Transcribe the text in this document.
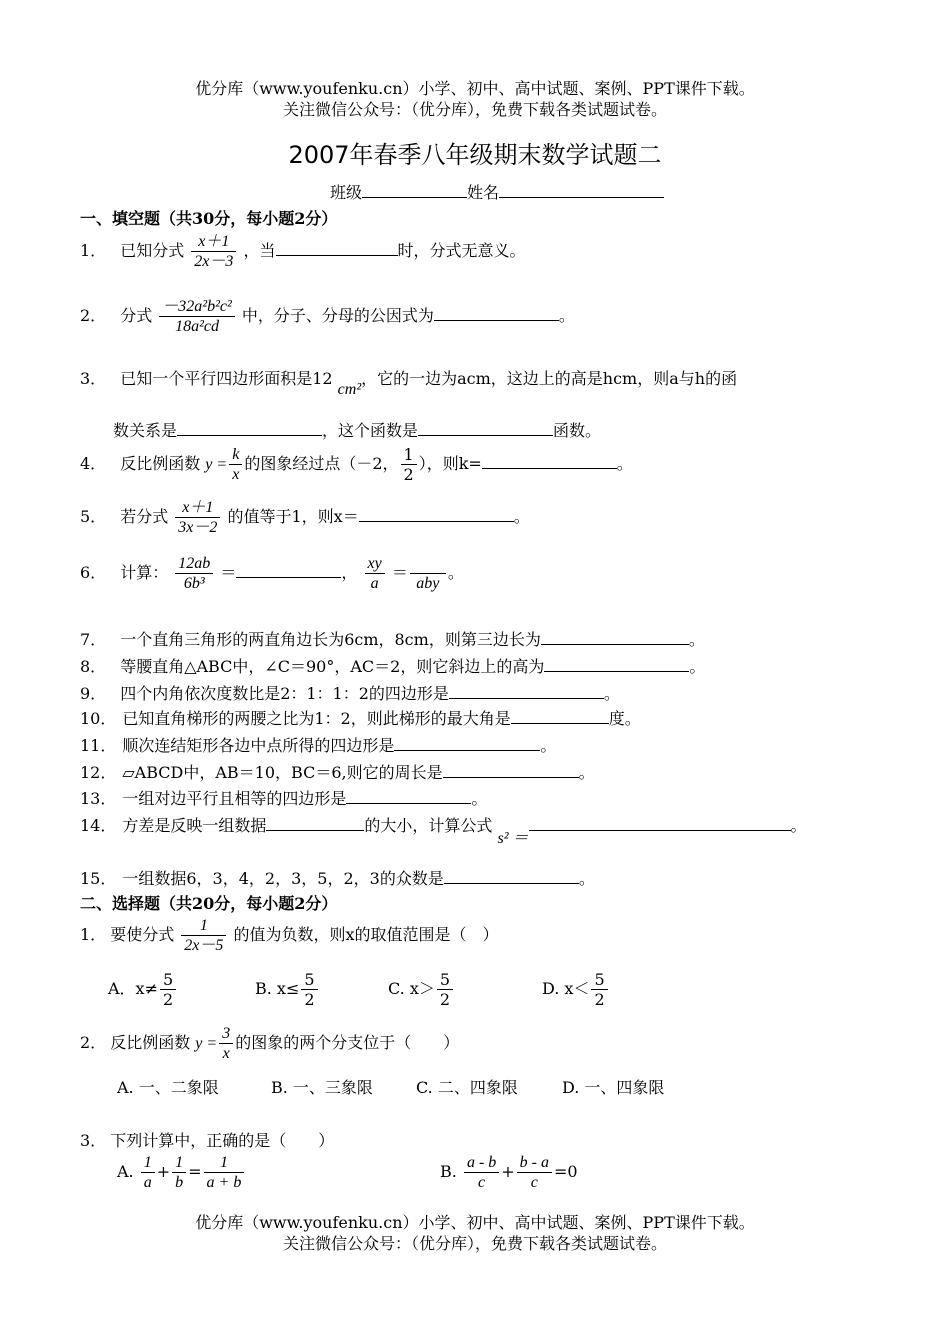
优分库（www.youfenku.cn）小学、初中、高中试题、案例、PPT课件下载。
关注微信公众号：（优分库），免费下载各类试题试卷。
2007年春季八年级期末数学试题二
班级	姓名
一、填空题（共30分，每小题2分）
1． 已知分式 $\frac{x+1}{2x-3}$ ，当	时，分式无意义。
2． 分式 $\frac{\text{－32a²b²c²}}{\text{18a²cd}}$ 中，分子、分母的公因式为	。
3． 已知一个平行四边形面积是12 cm²，它的一边为acm，这边上的高是hcm，则a与h的函
数关系是	，这个函数是	函数。
4． 反比例函数 $y = \frac{k}{x}$ 的图象经过点（－2， $\frac{1}{2}$ ），则k=	。
5． 若分式 $\frac{x+1}{3x-2}$ 的值等于1，则x＝	。
6． 计算： $\frac{12ab}{\text{6b³}}$ ＝	， $\frac{xy}{a}$ ＝
aby
。
7． 一个直角三角形的两直角边长为6cm，8cm，则第三边长为	。
8． 等腰直角△ABC中，∠C＝90°，AC＝2，则它斜边上的高为	。
9． 四个内角依次度数比是2：1：1：2的四边形是	。
10． 已知直角梯形的两腰之比为1：2，则此梯形的最大角是	度。
11． 顺次连结矩形各边中点所得的四边形是	。
12． ▱ABCD中，AB＝10，BC＝6,则它的周长是	。
13． 一组对边平行且相等的四边形是	。
14． 方差是反映一组数据	的大小，计算公式 s² ＝。
15． 一组数据6，3，4，2，3，5，2，3的众数是	。
二、选择题（共20分，每小题2分）
1． 要使分式 $\frac{1}{2x-5}$ 的值为负数，则x的取值范围是（　）
A．$x\ne \frac{5}{2}$	B. $x\le \frac{5}{2}$	C. $x> \frac{5}{2}$	D. $x< \frac{5}{2}$
2． 反比例函数 $y = \frac{3}{x}$ 的图象的两个分支位于（　　）
A. 一、二象限	B. 一、三象限	C. 二、四象限	D. 一、四象限
3． 下列计算中，正确的是（　　）
A. $\frac{1}{a} + \frac{1}{b} = \frac{1}{a + b}$	B. $\frac{a - b}{c} + \frac{b - a}{c} =0$
优分库（www.youfenku.cn）小学、初中、高中试题、案例、PPT课件下载。
关注微信公众号：（优分库），免费下载各类试题试卷。
